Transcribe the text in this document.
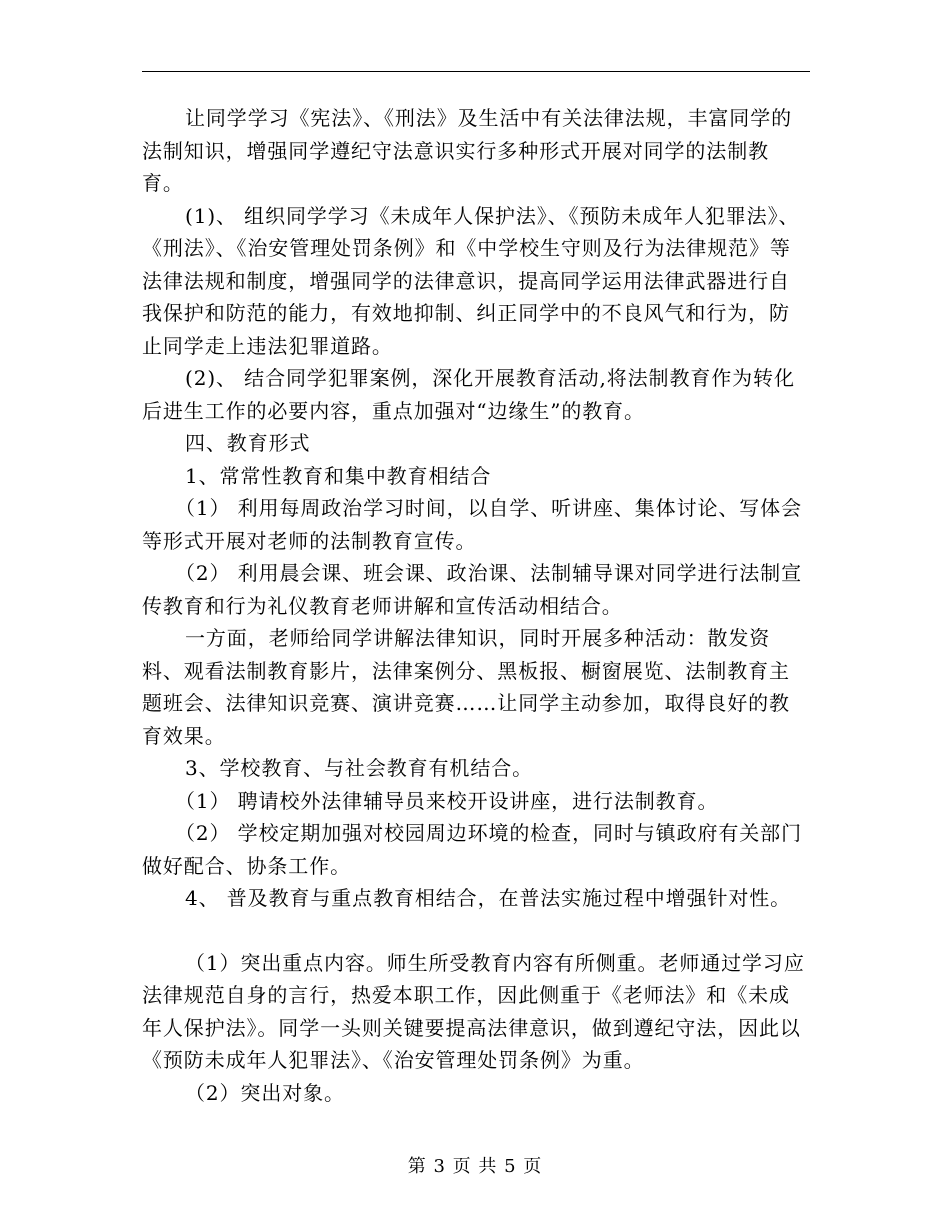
让同学学习《宪法》、《刑法》及生活中有关法律法规，丰富同学的法制知识，增强同学遵纪守法意识实行多种形式开展对同学的法制教育。

(1)、 组织同学学习《未成年人保护法》、《预防未成年人犯罪法》、《刑法》、《治安管理处罚条例》和《中学校生守则及行为法律规范》等法律法规和制度，增强同学的法律意识，提高同学运用法律武器进行自我保护和防范的能力，有效地抑制、纠正同学中的不良风气和行为，防止同学走上违法犯罪道路。

(2)、 结合同学犯罪案例，深化开展教育活动,将法制教育作为转化后进生工作的必要内容，重点加强对“边缘生”的教育。

四、教育形式

1、常常性教育和集中教育相结合

（1） 利用每周政治学习时间，以自学、听讲座、集体讨论、写体会等形式开展对老师的法制教育宣传。

（2） 利用晨会课、班会课、政治课、法制辅导课对同学进行法制宣传教育和行为礼仪教育老师讲解和宣传活动相结合。

一方面，老师给同学讲解法律知识，同时开展多种活动：散发资料、观看法制教育影片，法律案例分、黑板报、橱窗展览、法制教育主题班会、法律知识竞赛、演讲竞赛……让同学主动参加，取得良好的教育效果。

3、学校教育、与社会教育有机结合。

（1） 聘请校外法律辅导员来校开设讲座，进行法制教育。

（2） 学校定期加强对校园周边环境的检查，同时与镇政府有关部门做好配合、协条工作。

4、 普及教育与重点教育相结合，在普法实施过程中增强针对性。

（1）突出重点内容。师生所受教育内容有所侧重。老师通过学习应法律规范自身的言行，热爱本职工作，因此侧重于《老师法》和《未成年人保护法》。同学一头则关键要提高法律意识，做到遵纪守法，因此以《预防未成年人犯罪法》、《治安管理处罚条例》为重。

（2）突出对象。

第 3 页 共 5 页
